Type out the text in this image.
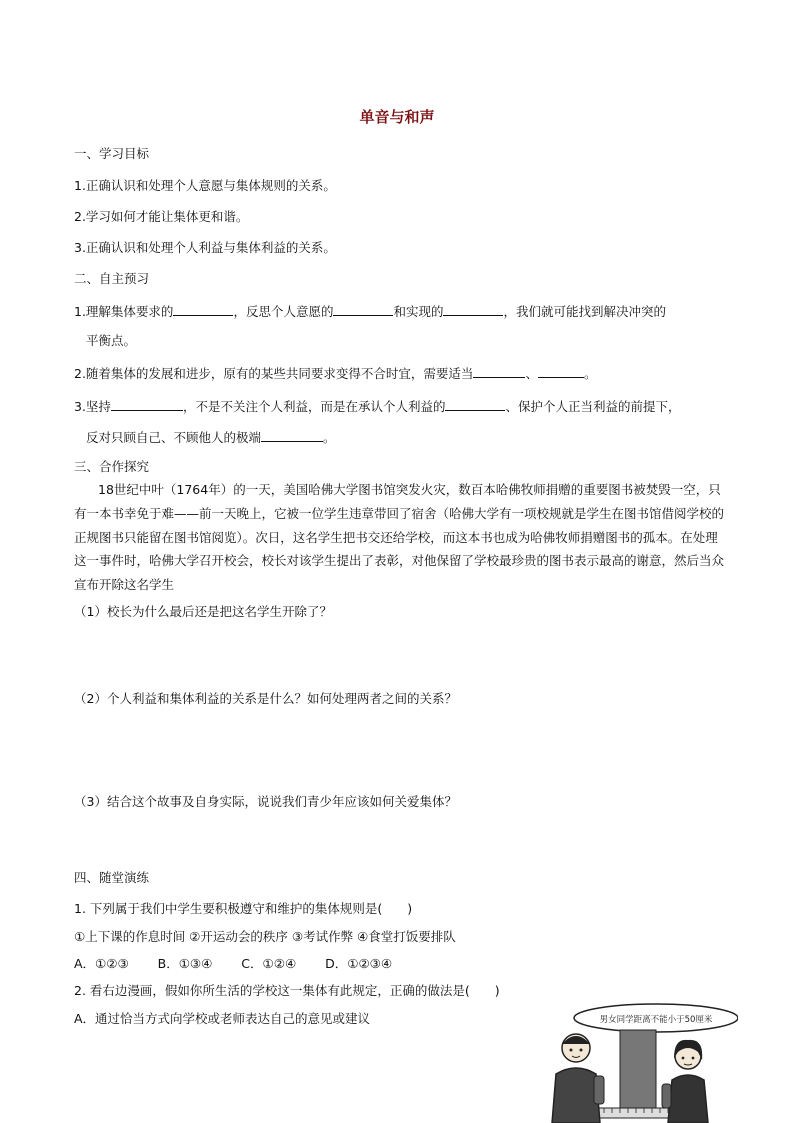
单音与和声
一、学习目标
1.正确认识和处理个人意愿与集体规则的关系。
2.学习如何才能让集体更和谐。
3.正确认识和处理个人利益与集体利益的关系。
二、自主预习
1.理解集体要求的	，反思个人意愿的	和实现的	，我们就可能找到解决冲突的
平衡点。
2.随着集体的发展和进步，原有的某些共同要求变得不合时宜，需要适当	、	。
3.坚持	，不是不关注个人利益，而是在承认个人利益的	、保护个人正当利益的前提下，
反对只顾自己、不顾他人的极端	。
三、合作探究
18世纪中叶（1764年）的一天，美国哈佛大学图书馆突发火灾，数百本哈佛牧师捐赠的重要图书被焚毁一空，只有一本书幸免于难——前一天晚上，它被一位学生违章带回了宿舍（哈佛大学有一项校规就是学生在图书馆借阅学校的正规图书只能留在图书馆阅览）。次日，这名学生把书交还给学校，而这本书也成为哈佛牧师捐赠图书的孤本。在处理这一事件时，哈佛大学召开校会，校长对该学生提出了表彰，对他保留了学校最珍贵的图书表示最高的谢意，然后当众宣布开除这名学生
（1）校长为什么最后还是把这名学生开除了？
（2）个人利益和集体利益的关系是什么？如何处理两者之间的关系？
（3）结合这个故事及自身实际，说说我们青少年应该如何关爱集体？
四、随堂演练
1. 下列属于我们中学生要积极遵守和维护的集体规则是(　　)
①上下课的作息时间 ②开运动会的秩序 ③考试作弊 ④食堂打饭要排队
A．①②③　　 B．①③④　　 C．①②④　　 D．①②③④
2. 看右边漫画，假如你所生活的学校这一集体有此规定，正确的做法是(　　)
A．通过恰当方式向学校或老师表达自己的意见或建议	男女同学距离不能小于50厘米
